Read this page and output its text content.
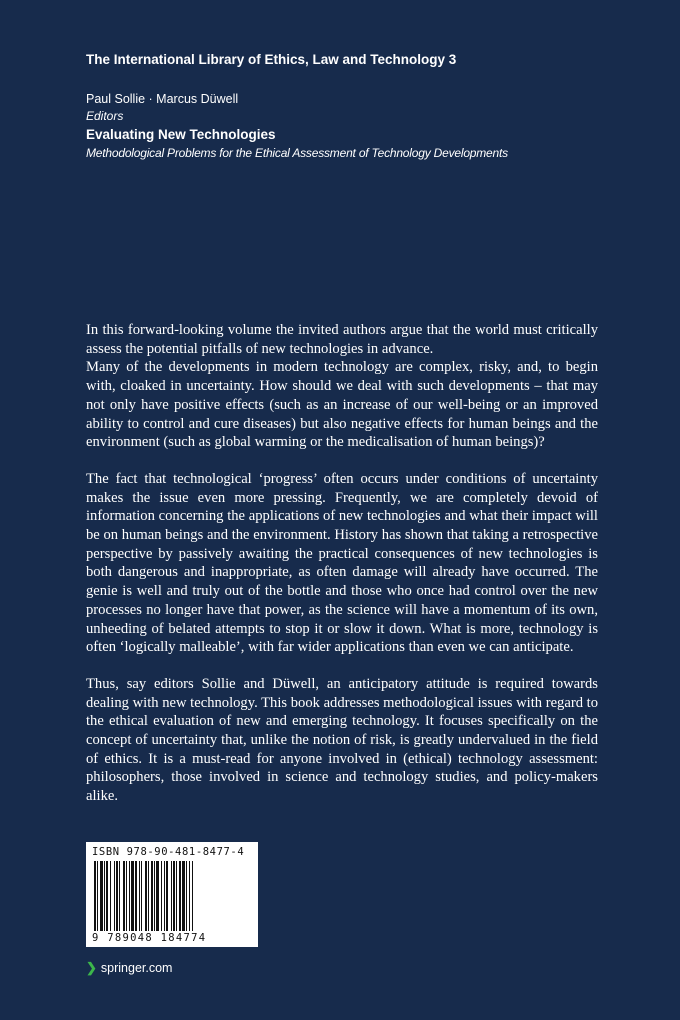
The International Library of Ethics, Law and Technology 3
Paul Sollie · Marcus Düwell
Editors
Evaluating New Technologies
Methodological Problems for the Ethical Assessment of Technology Developments

In this forward-looking volume the invited authors argue that the world must critically assess the potential pitfalls of new technologies in advance.

Many of the developments in modern technology are complex, risky, and, to begin with, cloaked in uncertainty. How should we deal with such developments – that may not only have positive effects (such as an increase of our well-being or an improved ability to control and cure diseases) but also negative effects for human beings and the environment (such as global warming or the medicalisation of human beings)?

The fact that technological ‘progress’ often occurs under conditions of uncertainty makes the issue even more pressing. Frequently, we are completely devoid of information concerning the applications of new technologies and what their impact will be on human beings and the environment. History has shown that taking a retrospective perspective by passively awaiting the practical consequences of new technologies is both dangerous and inappropriate, as often damage will already have occurred. The genie is well and truly out of the bottle and those who once had control over the new processes no longer have that power, as the science will have a momentum of its own, unheeding of belated attempts to stop it or slow it down. What is more, technology is often ‘logically malleable’, with far wider applications than even we can anticipate.

Thus, say editors Sollie and Düwell, an anticipatory attitude is required towards dealing with new technology. This book addresses methodological issues with regard to the ethical evaluation of new and emerging technology. It focuses specifically on the concept of uncertainty that, unlike the notion of risk, is greatly undervalued in the field of ethics. It is a must-read for anyone involved in (ethical) technology assessment: philosophers, those involved in science and technology studies, and policy-makers alike.

ISBN 978-90-481-8477-4
9 789048 184774
❯ springer.com
